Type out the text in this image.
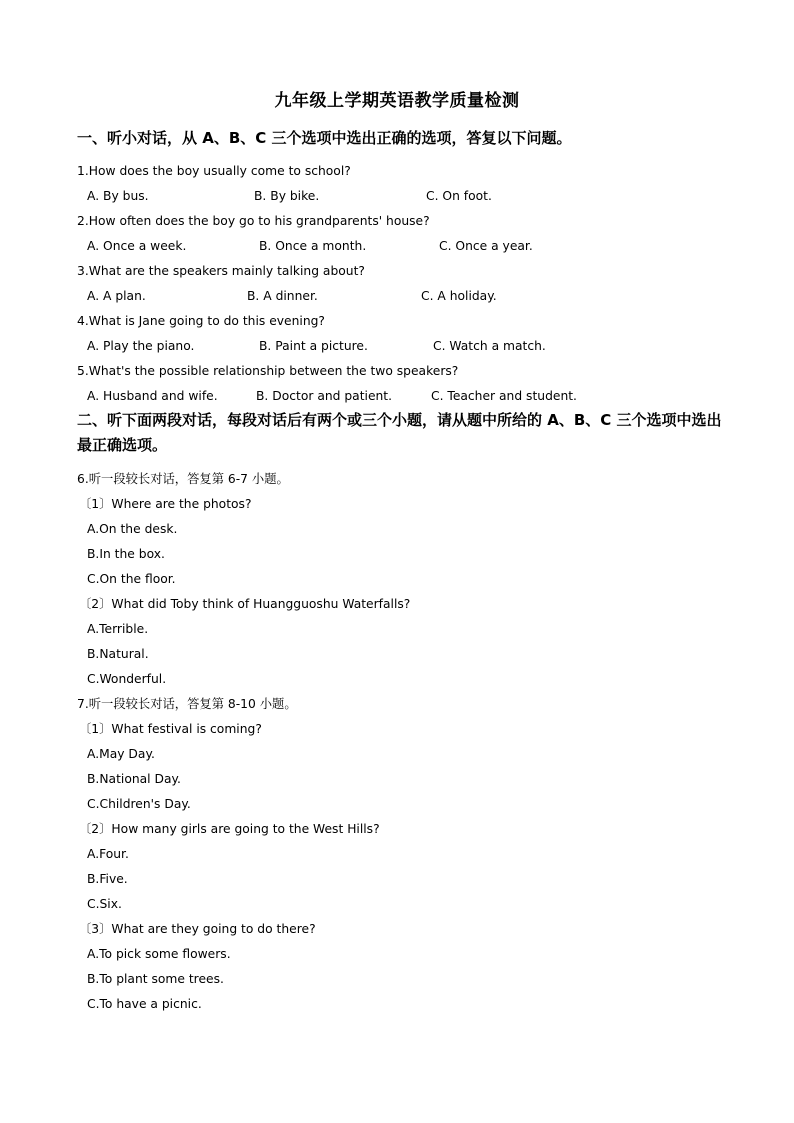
九年级上学期英语教学质量检测
一、听小对话，从 A、B、C 三个选项中选出正确的选项，答复以下问题。
1.How does the boy usually come to school?
A. By bus.	B. By bike.	C. On foot.
2.How often does the boy go to his grandparents' house?
A. Once a week.	B. Once a month.	C. Once a year.
3.What are the speakers mainly talking about?
A. A plan.	B. A dinner.	C. A holiday.
4.What is Jane going to do this evening?
A. Play the piano.	B. Paint a picture.	C. Watch a match.
5.What's the possible relationship between the two speakers?
A. Husband and wife.	B. Doctor and patient.	C. Teacher and student.
二、听下面两段对话，每段对话后有两个或三个小题，请从题中所给的 A、B、C 三个选项中选出最正确选项。
6.听一段较长对话，答复第 6-7 小题。
〔1〕Where are the photos?
A.On the desk.
B.In the box.
C.On the floor.
〔2〕What did Toby think of Huangguoshu Waterfalls?
A.Terrible.
B.Natural.
C.Wonderful.
7.听一段较长对话，答复第 8-10 小题。
〔1〕What festival is coming?
A.May Day.
B.National Day.
C.Children's Day.
〔2〕How many girls are going to the West Hills?
A.Four.
B.Five.
C.Six.
〔3〕What are they going to do there?
A.To pick some flowers.
B.To plant some trees.
C.To have a picnic.
